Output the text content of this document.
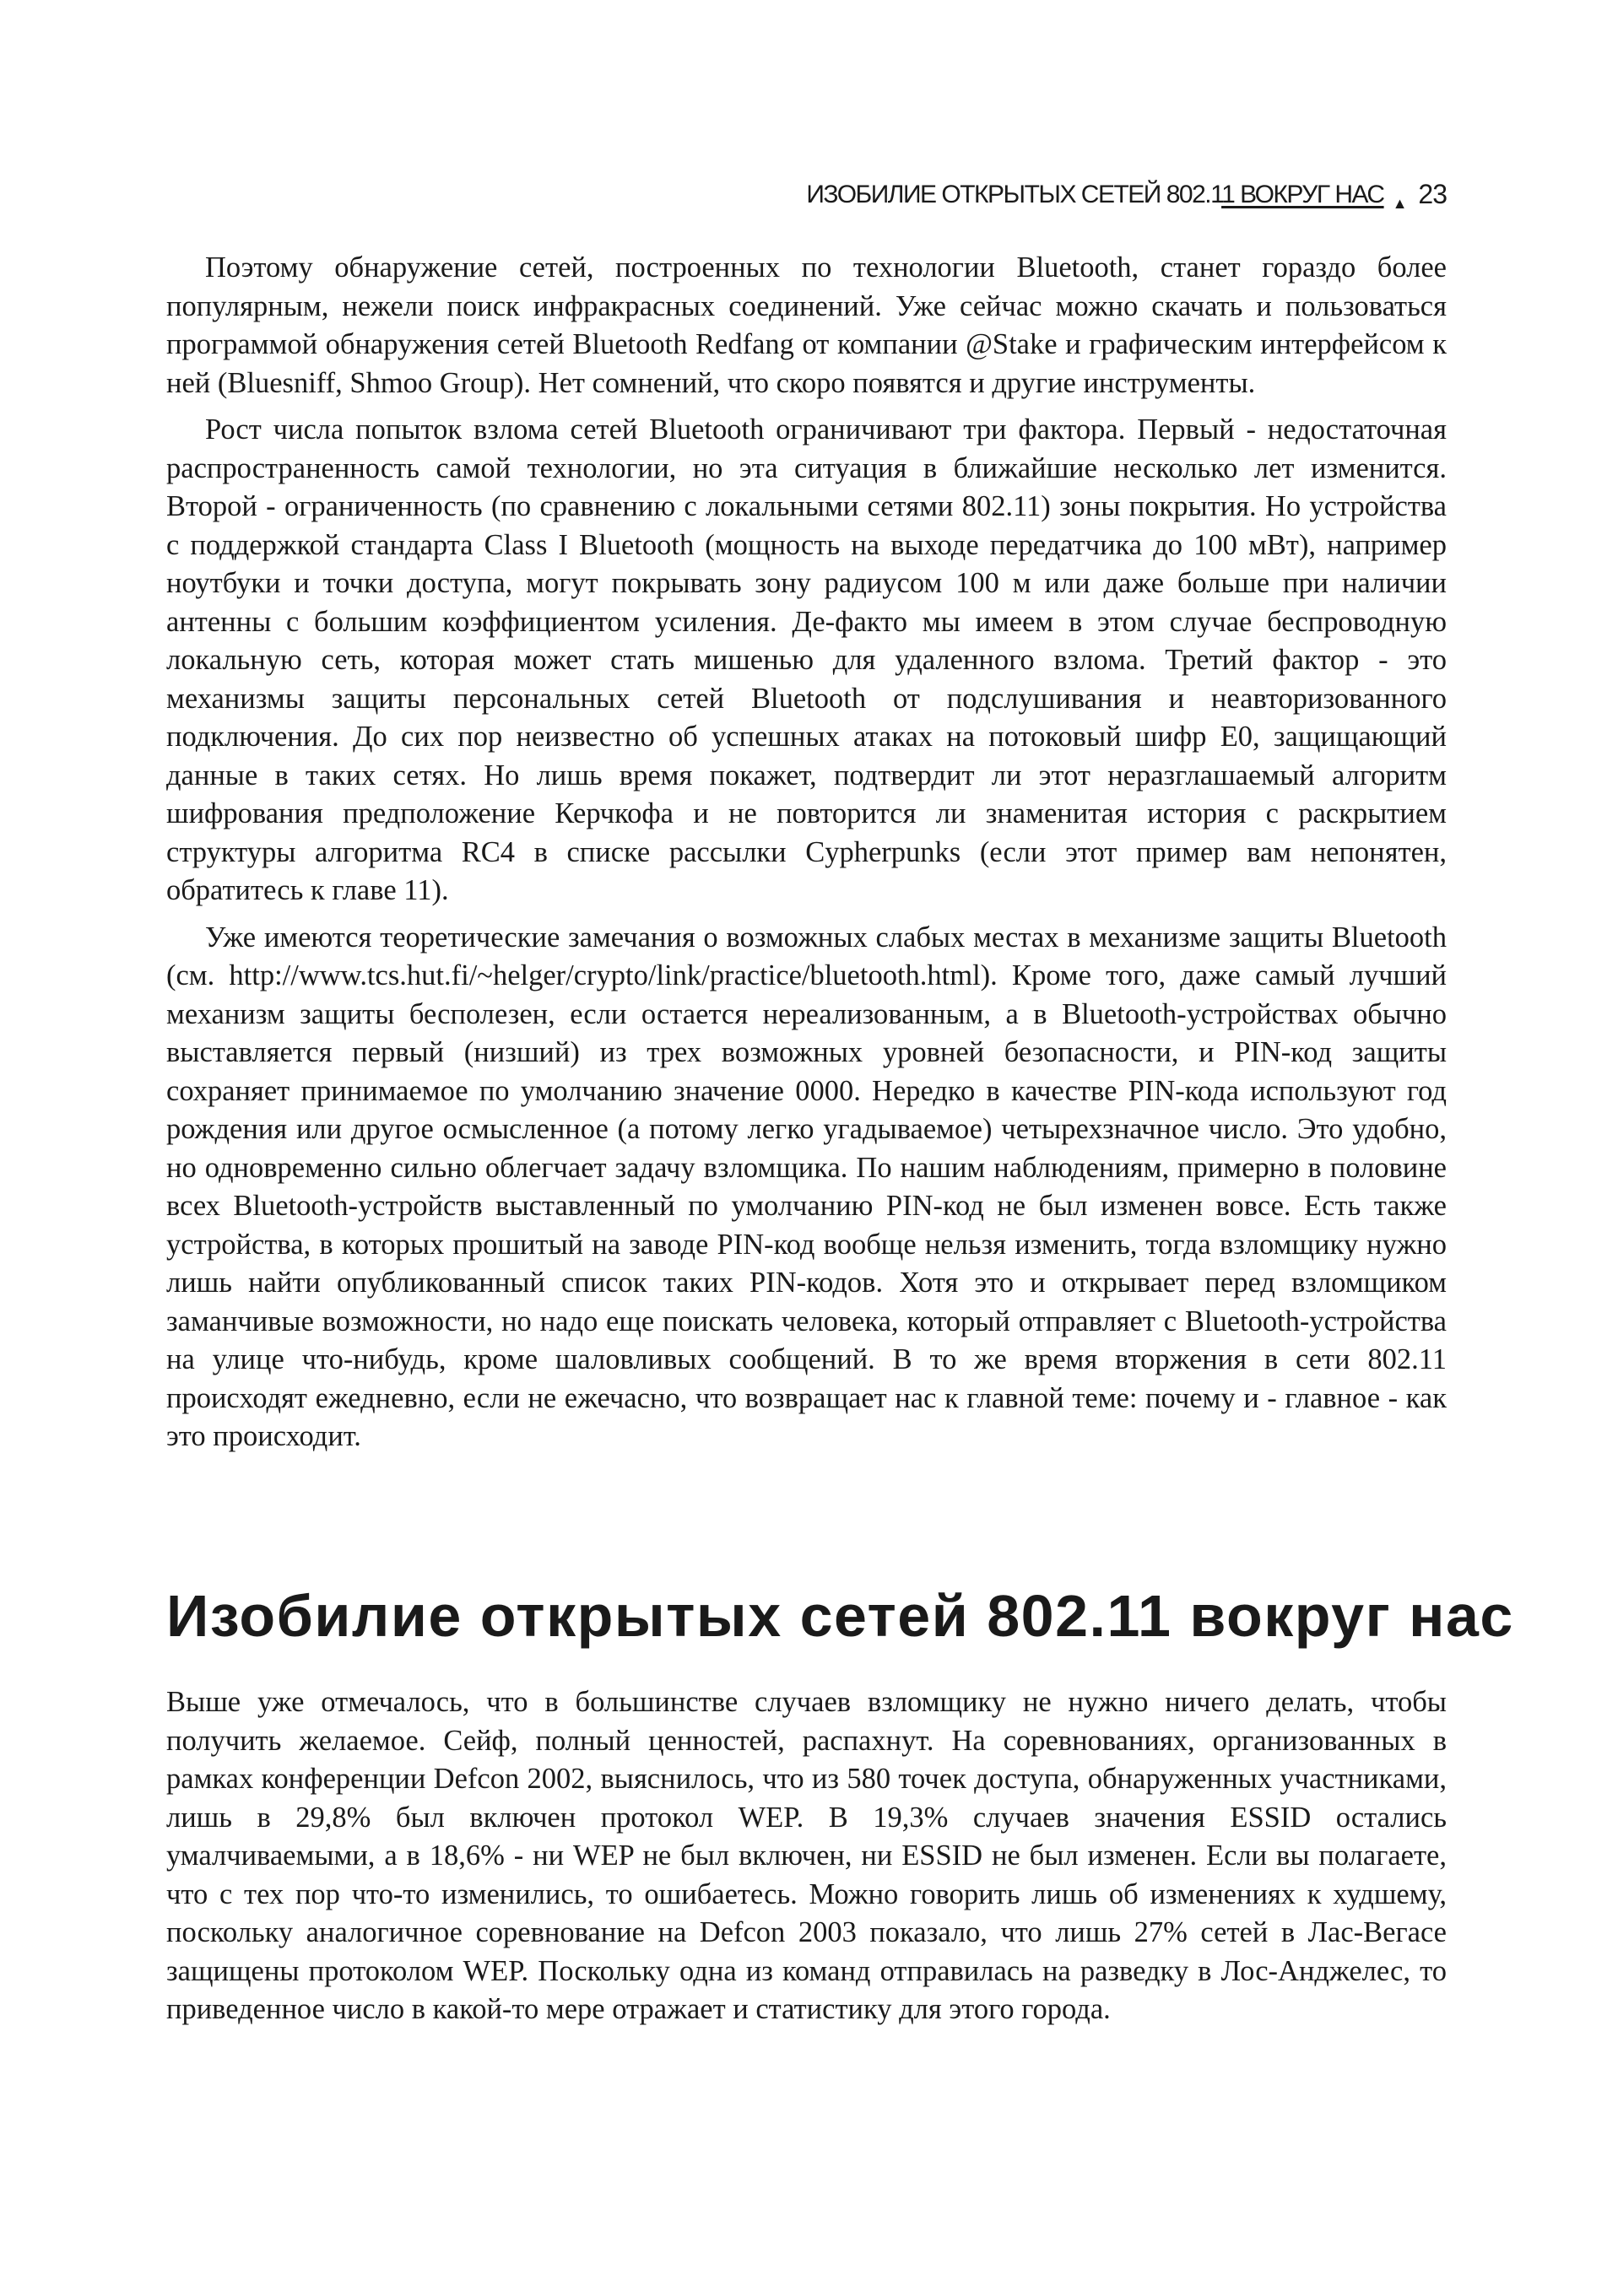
ИЗОБИЛИЕ ОТКРЫТЫХ СЕТЕЙ 802.11 ВОКРУГ НАС ▲ 23

Поэтому обнаружение сетей, построенных по технологии Bluetooth, станет гораздо более популярным, нежели поиск инфракрасных соединений. Уже сейчас можно скачать и пользоваться программой обнаружения сетей Bluetooth Redfang от компании @Stake и графическим интерфейсом к ней (Bluesniff, Shmoo Group). Нет сомнений, что скоро появятся и другие инструменты.

Рост числа попыток взлома сетей Bluetooth ограничивают три фактора. Первый - недостаточная распространенность самой технологии, но эта ситуация в ближайшие несколько лет изменится. Второй - ограниченность (по сравнению с локальными сетями 802.11) зоны покрытия. Но устройства с поддержкой стандарта Class I Bluetooth (мощность на выходе передатчика до 100 мВт), например ноутбуки и точки доступа, могут покрывать зону радиусом 100 м или даже больше при наличии антенны с большим коэффициентом усиления. Де-факто мы имеем в этом случае беспроводную локальную сеть, которая может стать мишенью для удаленного взлома. Третий фактор - это механизмы защиты персональных сетей Bluetooth от подслушивания и неавторизованного подключения. До сих пор неизвестно об успешных атаках на потоковый шифр E0, защищающий данные в таких сетях. Но лишь время покажет, подтвердит ли этот неразглашаемый алгоритм шифрования предположение Керчкофа и не повторится ли знаменитая история с раскрытием структуры алгоритма RC4 в списке рассылки Cypherpunks (если этот пример вам непонятен, обратитесь к главе 11).

Уже имеются теоретические замечания о возможных слабых местах в механизме защиты Bluetooth (см. http://www.tcs.hut.fi/~helger/crypto/link/practice/bluetooth.html). Кроме того, даже самый лучший механизм защиты бесполезен, если остается нереализованным, а в Bluetooth-устройствах обычно выставляется первый (низший) из трех возможных уровней безопасности, и PIN-код защиты сохраняет принимаемое по умолчанию значение 0000. Нередко в качестве PIN-кода используют год рождения или другое осмысленное (а потому легко угадываемое) четырехзначное число. Это удобно, но одновременно сильно облегчает задачу взломщика. По нашим наблюдениям, примерно в половине всех Bluetooth-устройств выставленный по умолчанию PIN-код не был изменен вовсе. Есть также устройства, в которых прошитый на заводе PIN-код вообще нельзя изменить, тогда взломщику нужно лишь найти опубликованный список таких PIN-кодов. Хотя это и открывает перед взломщиком заманчивые возможности, но надо еще поискать человека, который отправляет с Bluetooth-устройства на улице что-нибудь, кроме шаловливых сообщений. В то же время вторжения в сети 802.11 происходят ежедневно, если не ежечасно, что возвращает нас к главной теме: почему и - главное - как это происходит.

Изобилие открытых сетей 802.11 вокруг нас

Выше уже отмечалось, что в большинстве случаев взломщику не нужно ничего делать, чтобы получить желаемое. Сейф, полный ценностей, распахнут. На соревнованиях, организованных в рамках конференции Defcon 2002, выяснилось, что из 580 точек доступа, обнаруженных участниками, лишь в 29,8% был включен протокол WEP. В 19,3% случаев значения ESSID остались умалчиваемыми, а в 18,6% - ни WEP не был включен, ни ESSID не был изменен. Если вы полагаете, что с тех пор что-то изменились, то ошибаетесь. Можно говорить лишь об изменениях к худшему, поскольку аналогичное соревнование на Defcon 2003 показало, что лишь 27% сетей в Лас-Вегасе защищены протоколом WEP. Поскольку одна из команд отправилась на разведку в Лос-Анджелес, то приведенное число в какой-то мере отражает и статистику для этого города.
